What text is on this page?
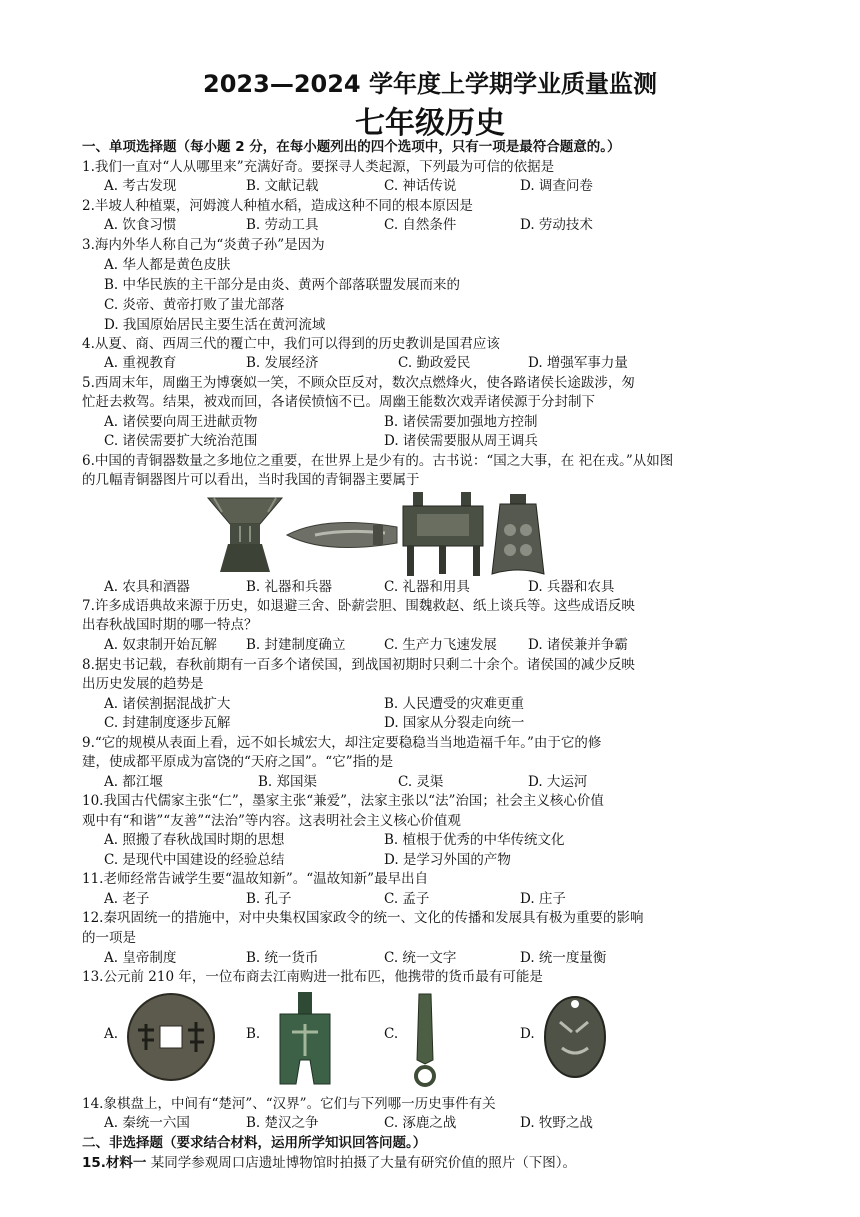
2023—2024 学年度上学期学业质量监测
七年级历史
一、单项选择题（每小题 2 分，在每小题列出的四个选项中，只有一项是最符合题意的。）
1.我们一直对“人从哪里来”充满好奇。要探寻人类起源，下列最为可信的依据是
A. 考古发现	B. 文献记载	C. 神话传说	D. 调查问卷
2.半坡人种植粟，河姆渡人种植水稻，造成这种不同的根本原因是
A. 饮食习惯	B. 劳动工具	C. 自然条件	D. 劳动技术
3.海内外华人称自己为“炎黄子孙”是因为
A. 华人都是黄色皮肤
B. 中华民族的主干部分是由炎、黄两个部落联盟发展而来的
C. 炎帝、黄帝打败了蚩尤部落
D. 我国原始居民主要生活在黄河流域
4.从夏、商、西周三代的覆亡中，我们可以得到的历史教训是国君应该
A. 重视教育	B. 发展经济	C. 勤政爱民	D. 增强军事力量
5.西周末年，周幽王为博褒姒一笑，不顾众臣反对，数次点燃烽火，使各路诸侯长途跋涉，匆
忙赶去救驾。结果，被戏而回，各诸侯愤恼不已。周幽王能数次戏弄诸侯源于分封制下
A. 诸侯要向周王进献贡物	B. 诸侯需要加强地方控制
C. 诸侯需要扩大统治范围	D. 诸侯需要服从周王调兵
6.中国的青铜器数量之多地位之重要，在世界上是少有的。古书说：“国之大事，在 祀在戎。”从如图
的几幅青铜器图片可以看出，当时我国的青铜器主要属于
A. 农具和酒器	B. 礼器和兵器	C. 礼器和用具	D. 兵器和农具
7.许多成语典故来源于历史，如退避三舍、卧薪尝胆、围魏救赵、纸上谈兵等。这些成语反映
出春秋战国时期的哪一特点？
A. 奴隶制开始瓦解 B. 封建制度确立	C. 生产力飞速发展 D. 诸侯兼并争霸
8.据史书记载，春秋前期有一百多个诸侯国，到战国初期时只剩二十余个。诸侯国的减少反映
出历史发展的趋势是
A. 诸侯割据混战扩大	B. 人民遭受的灾难更重
C. 封建制度逐步瓦解	D. 国家从分裂走向统一
9.“它的规模从表面上看，远不如长城宏大，却注定要稳稳当当地造福千年。”由于它的修
建，使成都平原成为富饶的“天府之国”。“它”指的是
A. 都江堰	B. 郑国渠	C. 灵渠	D. 大运河
10.我国古代儒家主张“仁”，墨家主张“兼爱”，法家主张以“法”治国；社会主义核心价值
观中有“和谐”“友善”“法治”等内容。这表明社会主义核心价值观
A. 照搬了春秋战国时期的思想	B. 植根于优秀的中华传统文化
C. 是现代中国建设的经验总结	D. 是学习外国的产物
11.老师经常告诫学生要“温故知新”。“温故知新”最早出自
A. 老子	B. 孔子	C. 孟子	D. 庄子
12.秦巩固统一的措施中，对中央集权国家政令的统一、文化的传播和发展具有极为重要的影响
的一项是
A. 皇帝制度	B. 统一货币	C. 统一文字	D. 统一度量衡
13.公元前 210 年，一位布商去江南购进一批布匹，他携带的货币最有可能是
A.	B.	C.	D.
14.象棋盘上，中间有“楚河”、“汉界”。它们与下列哪一历史事件有关
A. 秦统一六国	B. 楚汉之争	C. 涿鹿之战	D. 牧野之战
二、非选择题（要求结合材料，运用所学知识回答问题。）
15.材料一 某同学参观周口店遗址博物馆时拍摄了大量有研究价值的照片（下图）。
